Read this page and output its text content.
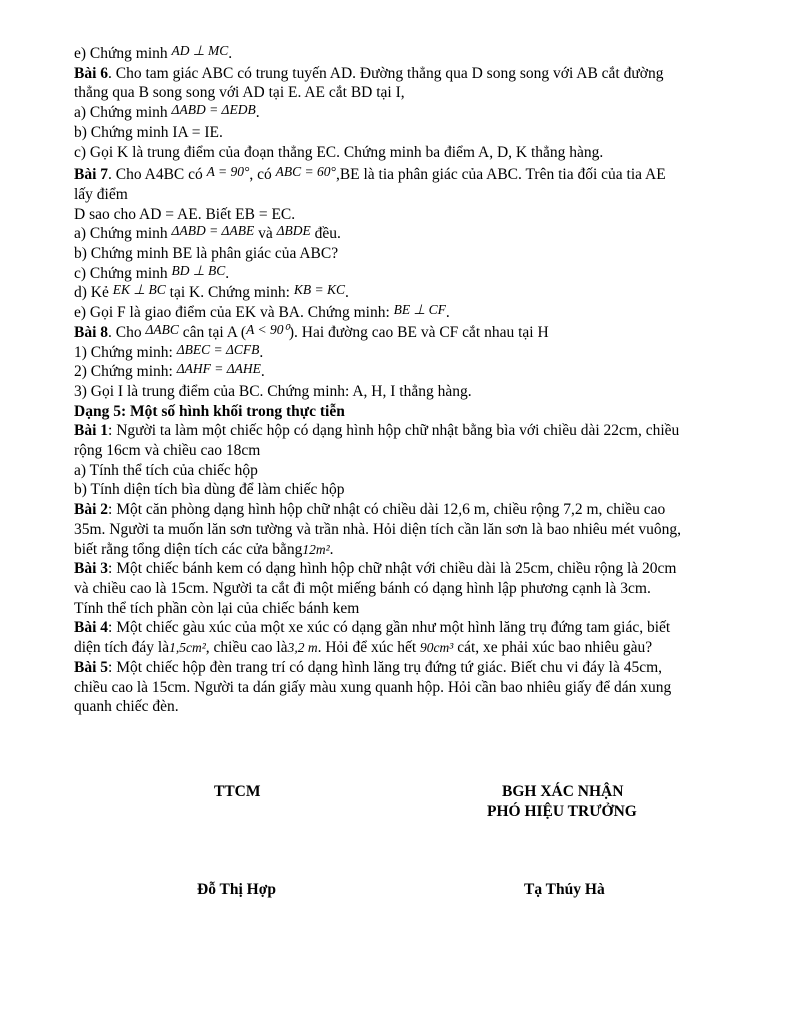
e) Chứng minh AD ⊥ MC.
Bài 6. Cho tam giác ABC có trung tuyến AD. Đường thẳng qua D song song với AB cắt đường
thẳng qua B song song với AD tại E. AE cắt BD tại I,
a) Chứng minh ΔABD = ΔEDB.
b) Chứng minh IA = IE.
c) Gọi K là trung điểm của đoạn thẳng EC. Chứng minh ba điểm A, D, K thẳng hàng.
Bài 7. Cho A4BC có A = 90°, có ABC = 60°,BE là tia phân giác của ABC. Trên tia đối của tia AE
lấy điểm
D sao cho AD = AE. Biết EB = EC.
a) Chứng minh ΔABD = ΔABE và ΔBDE đều.
b) Chứng minh BE là phân giác của ABC?
c) Chứng minh BD ⊥ BC.
d) Kẻ EK ⊥ BC tại K. Chứng minh: KB = KC.
e) Gọi F là giao điểm của EK và BA. Chứng minh: BE ⊥ CF.
Bài 8. Cho ΔABC cân tại A (A < 90⁰). Hai đường cao BE và CF cắt nhau tại H
1) Chứng minh: ΔBEC = ΔCFB.
2) Chứng minh: ΔAHF = ΔAHE.
3) Gọi I là trung điểm của BC. Chứng minh: A, H, I thẳng hàng.
Dạng 5: Một số hình khối trong thực tiễn
Bài 1: Người ta làm một chiếc hộp có dạng hình hộp chữ nhật bằng bìa với chiều dài 22cm, chiều
rộng 16cm và chiều cao 18cm
a) Tính thể tích của chiếc hộp
b) Tính diện tích bìa dùng để làm chiếc hộp
Bài 2: Một căn phòng dạng hình hộp chữ nhật có chiều dài 12,6 m, chiều rộng 7,2 m, chiều cao
35m. Người ta muốn lăn sơn tường và trần nhà. Hỏi diện tích cần lăn sơn là bao nhiêu mét vuông,
biết rằng tổng diện tích các cửa bằng12m².
Bài 3: Một chiếc bánh kem có dạng hình hộp chữ nhật với chiều dài là 25cm, chiều rộng là 20cm
và chiều cao là 15cm. Người ta cắt đi một miếng bánh có dạng hình lập phương cạnh là 3cm.
Tính thể tích phần còn lại của chiếc bánh kem
Bài 4: Một chiếc gàu xúc của một xe xúc có dạng gần như một hình lăng trụ đứng tam giác, biết
diện tích đáy là1,5cm², chiều cao là3,2 m. Hỏi để xúc hết 90cm³ cát, xe phải xúc bao nhiêu gàu?
Bài 5: Một chiếc hộp đèn trang trí có dạng hình lăng trụ đứng tứ giác. Biết chu vi đáy là 45cm,
chiều cao là 15cm. Người ta dán giấy màu xung quanh hộp. Hỏi cần bao nhiêu giấy để dán xung
quanh chiếc đèn.
TTCM	BGH XÁC NHẬN
PHÓ HIỆU TRƯỞNG
Đỗ Thị Hợp	Tạ Thúy Hà
